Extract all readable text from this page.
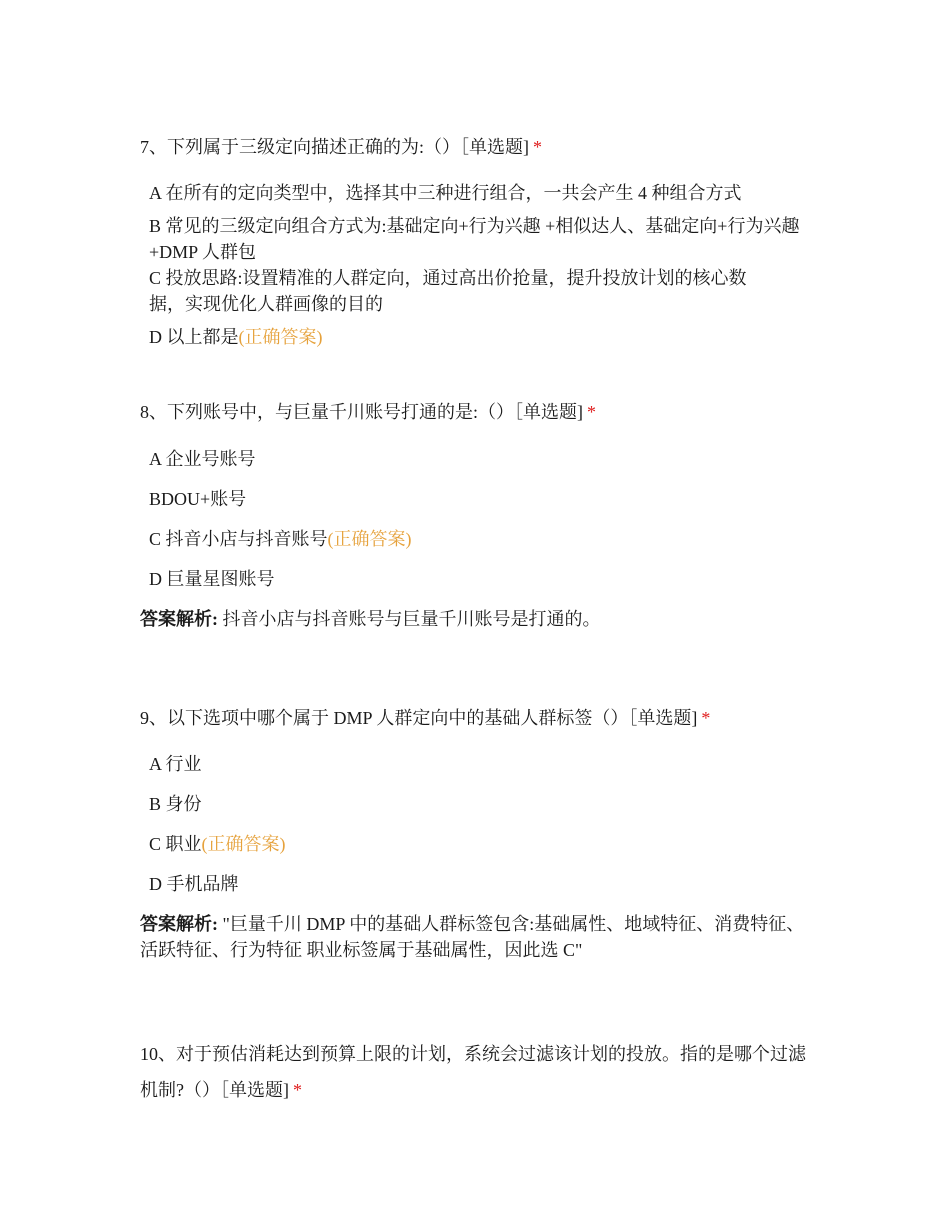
7、下列属于三级定向描述正确的为:（）［单选题] *
A 在所有的定向类型中，选择其中三种进行组合，一共会产生 4 种组合方式
B 常见的三级定向组合方式为:基础定向+行为兴趣 +相似达人、基础定向+行为兴趣 +DMP 人群包
C 投放思路:设置精准的人群定向，通过高出价抢量，提升投放计划的核心数据，实现优化人群画像的目的
D 以上都是(正确答案)
8、下列账号中，与巨量千川账号打通的是:（）［单选题] *
A 企业号账号
BDOU+账号
C 抖音小店与抖音账号(正确答案)
D 巨量星图账号
答案解析: 抖音小店与抖音账号与巨量千川账号是打通的。
9、以下选项中哪个属于 DMP 人群定向中的基础人群标签（）［单选题] *
A 行业
B 身份
C 职业(正确答案)
D 手机品牌
答案解析: "巨量千川 DMP 中的基础人群标签包含:基础属性、地域特征、消费特征、活跃特征、行为特征 职业标签属于基础属性，因此选 C"
10、对于预估消耗达到预算上限的计划，系统会过滤该计划的投放。指的是哪个过滤机制?（）［单选题] *
